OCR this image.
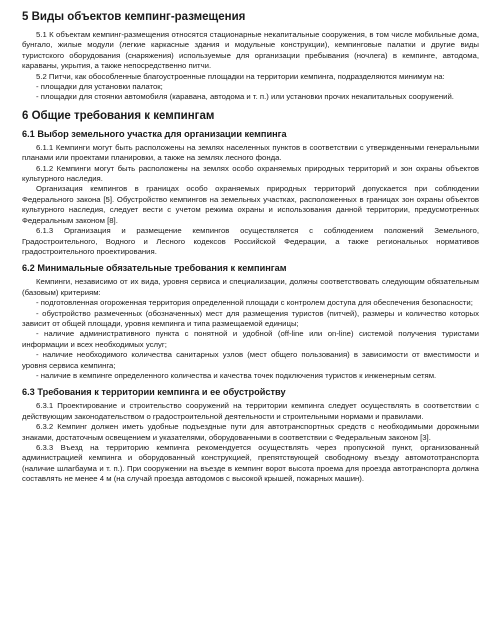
5 Виды объектов кемпинг-размещения

5.1 К объектам кемпинг-размещения относятся стационарные некапитальные сооружения, в том числе мобильные дома, бунгало, жилые модули (легкие каркасные здания и модульные конструкции), кемпинговые палатки и другие виды туристского оборудования (снаряжения) используемые для организации пребывания (ночлега) в кемпинге, автодома, караваны, укрытия, а также непосредственно питчи.

5.2 Питчи, как обособленные благоустроенные площадки на территории кемпинга, подразделяются минимум на:

- площадки для установки палаток;

- площадки для стоянки автомобиля (каравана, автодома и т. п.) или установки прочих некапитальных сооружений.

6 Общие требования к кемпингам
6.1 Выбор земельного участка для организации кемпинга

6.1.1 Кемпинги могут быть расположены на землях населенных пунктов в соответствии с утвержденными генеральными планами или проектами планировки, а также на землях лесного фонда.

6.1.2 Кемпинги могут быть расположены на землях особо охраняемых природных территорий и зон охраны объектов культурного наследия.

Организация кемпингов в границах особо охраняемых природных территорий допускается при соблюдении Федерального закона [5]. Обустройство кемпингов на земельных участках, расположенных в границах зон охраны объектов культурного наследия, следует вести с учетом режима охраны и использования данной территории, предусмотренных Федеральным законом [8].

6.1.3 Организация и размещение кемпингов осуществляется с соблюдением положений Земельного, Градостроительного, Водного и Лесного кодексов Российской Федерации, а также региональных нормативов градостроительного проектирования.

6.2 Минимальные обязательные требования к кемпингам

Кемпинги, независимо от их вида, уровня сервиса и специализации, должны соответствовать следующим обязательным (базовым) критериям:

- подготовленная огороженная территория определенной площади с контролем доступа для обеспечения безопасности;

- обустройство размеченных (обозначенных) мест для размещения туристов (питчей), размеры и количество которых зависит от общей площади, уровня кемпинга и типа размещаемой единицы;

- наличие административного пункта с понятной и удобной (off-line или on-line) системой получения туристами информации и всех необходимых услуг;

- наличие необходимого количества санитарных узлов (мест общего пользования) в зависимости от вместимости и уровня сервиса кемпинга;

- наличие в кемпинге определенного количества и качества точек подключения туристов к инженерным сетям.

6.3 Требования к территории кемпинга и ее обустройству

6.3.1 Проектирование и строительство сооружений на территории кемпинга следует осуществлять в соответствии с действующим законодательством о градостроительной деятельности и строительными нормами и правилами.

6.3.2 Кемпинг должен иметь удобные подъездные пути для автотранспортных средств с необходимыми дорожными знаками, достаточным освещением и указателями, оборудованными в соответствии с Федеральным законом [3].

6.3.3 Въезд на территорию кемпинга рекомендуется осуществлять через пропускной пункт, организованный администрацией кемпинга и оборудованный конструкцией, препятствующей свободному въезду автомототранспорта (наличие шлагбаума и т. п.). При сооружении на въезде в кемпинг ворот высота проема для проезда автотранспорта должна составлять не менее 4 м (на случай проезда автодомов с высокой крышей, пожарных машин).
